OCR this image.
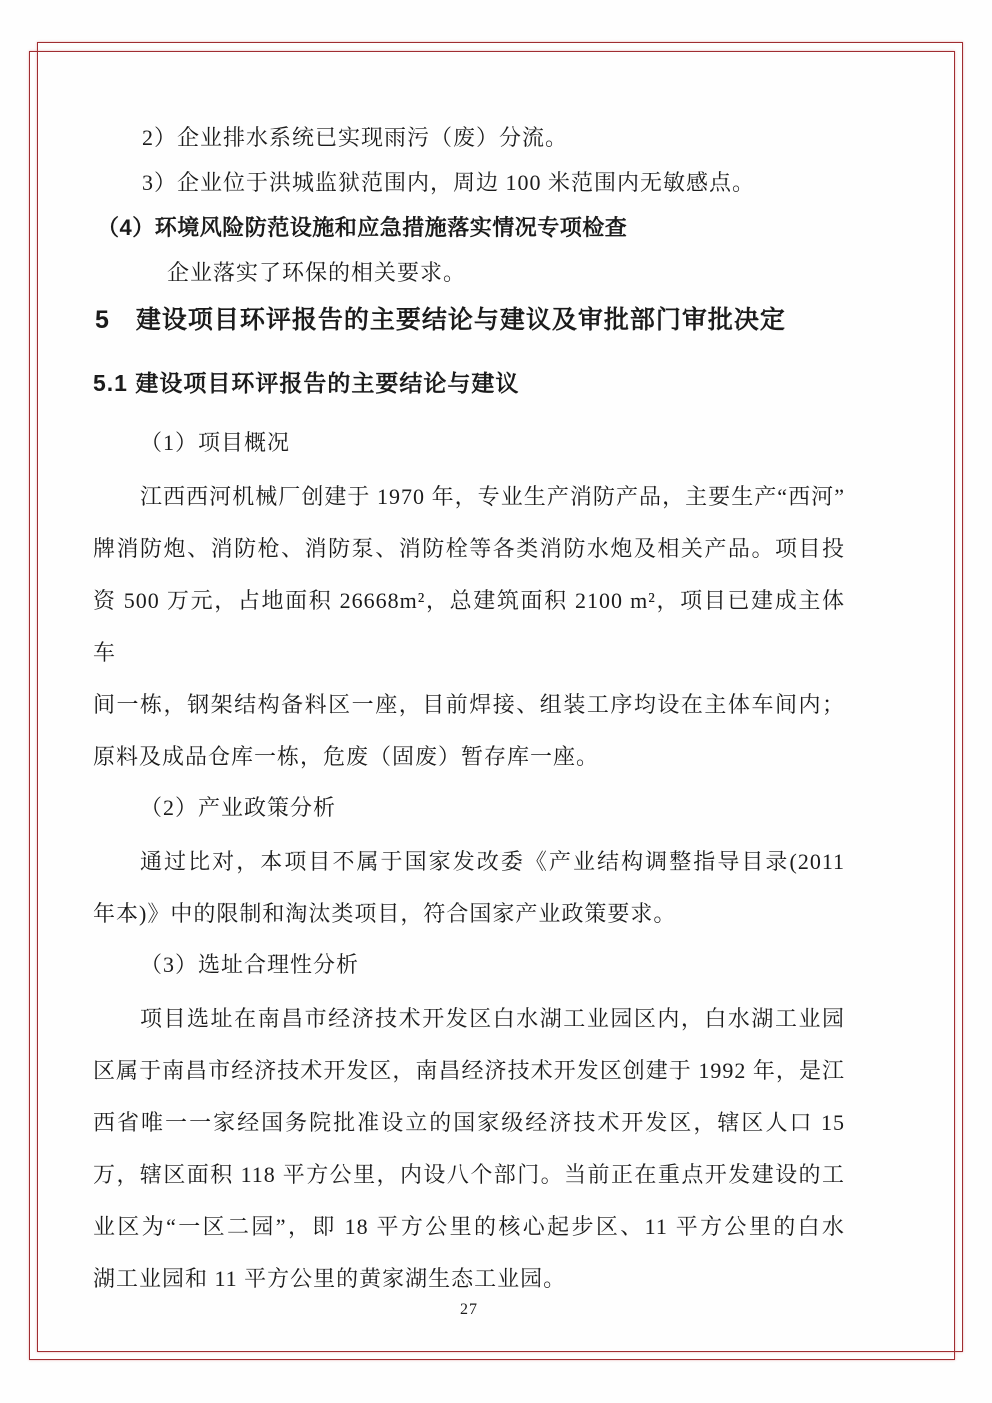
2）企业排水系统已实现雨污（废）分流。
3）企业位于洪城监狱范围内，周边 100 米范围内无敏感点。
（4）环境风险防范设施和应急措施落实情况专项检查
企业落实了环保的相关要求。
5　建设项目环评报告的主要结论与建议及审批部门审批决定
5.1 建设项目环评报告的主要结论与建议
（1）项目概况
江西西河机械厂创建于 1970 年，专业生产消防产品，主要生产“西河”
牌消防炮、消防枪、消防泵、消防栓等各类消防水炮及相关产品。项目投
资 500 万元，占地面积 26668m²，总建筑面积 2100 m²，项目已建成主体车
间一栋，钢架结构备料区一座，目前焊接、组装工序均设在主体车间内；
原料及成品仓库一栋，危废（固废）暂存库一座。
（2）产业政策分析
通过比对，本项目不属于国家发改委《产业结构调整指导目录(2011
年本)》中的限制和淘汰类项目，符合国家产业政策要求。
（3）选址合理性分析
项目选址在南昌市经济技术开发区白水湖工业园区内，白水湖工业园
区属于南昌市经济技术开发区，南昌经济技术开发区创建于 1992 年，是江
西省唯一一家经国务院批准设立的国家级经济技术开发区，辖区人口 15
万，辖区面积 118 平方公里，内设八个部门。当前正在重点开发建设的工
业区为“一区二园”，即 18 平方公里的核心起步区、11 平方公里的白水
湖工业园和 11 平方公里的黄家湖生态工业园。
27
